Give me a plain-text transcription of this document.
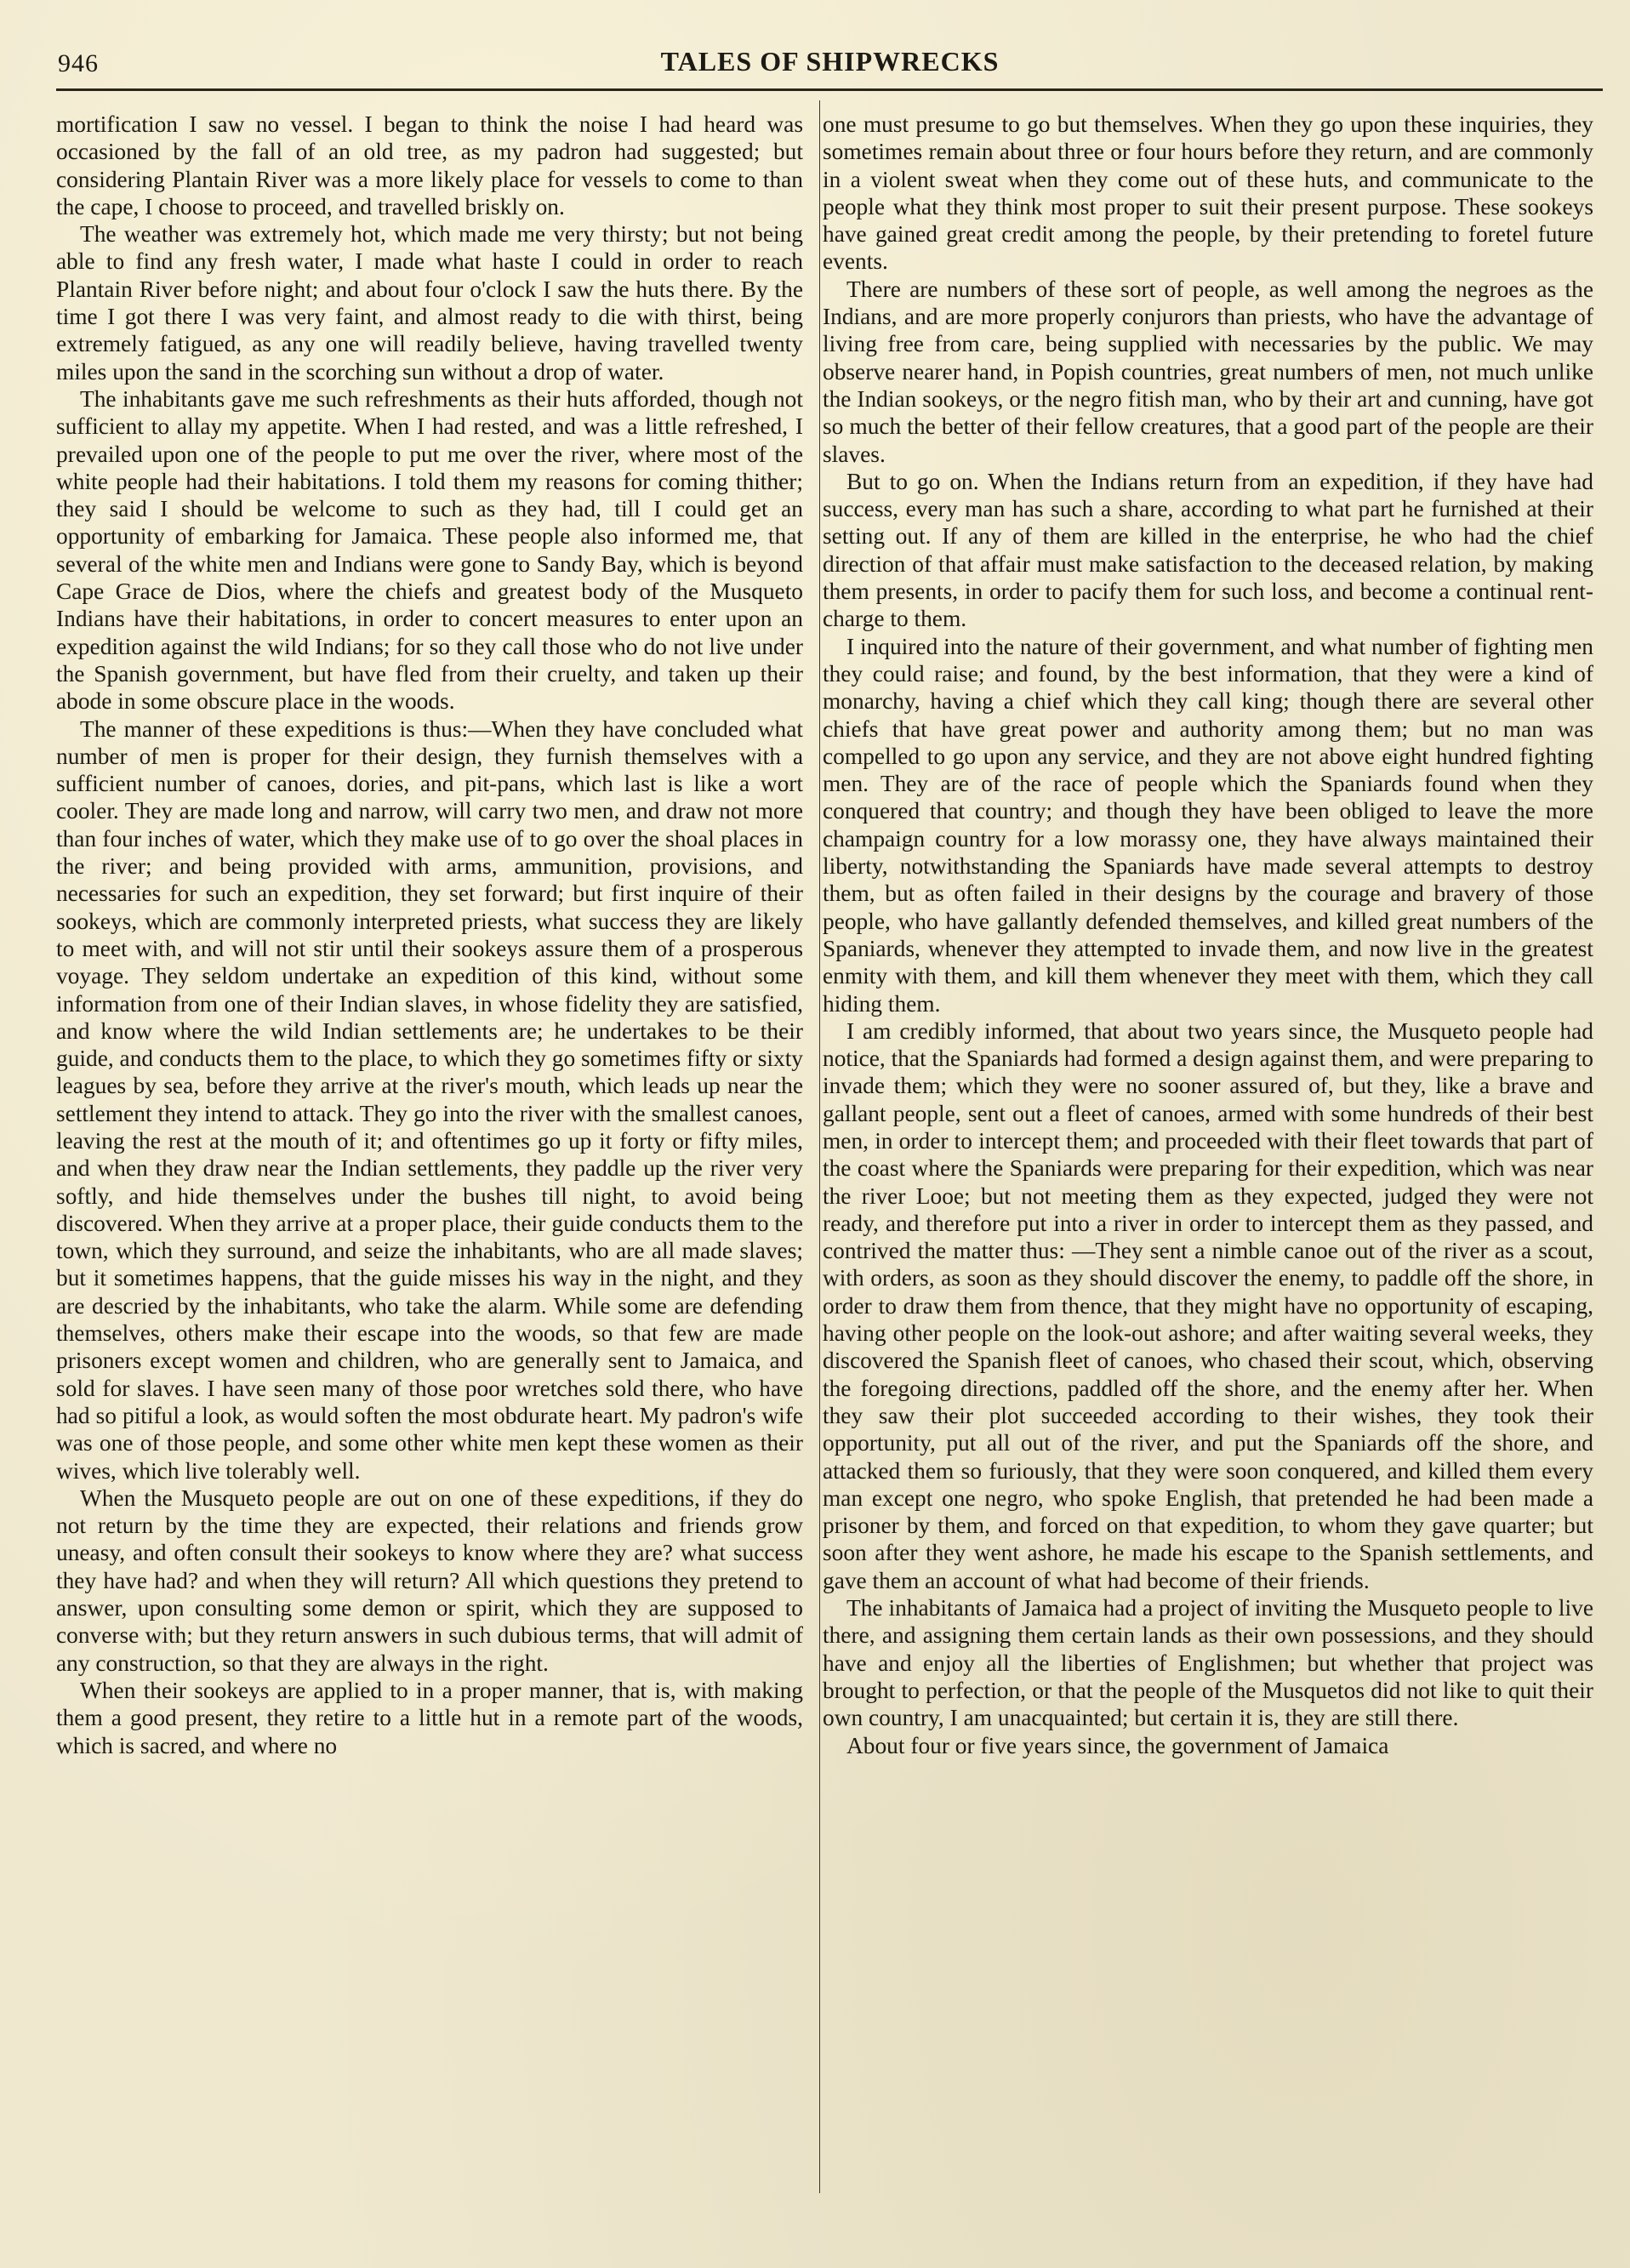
946	TALES OF SHIPWRECKS

mortification I saw no vessel. I began to think the noise I had heard was occasioned by the fall of an old tree, as my padron had suggested; but considering Plantain River was a more likely place for vessels to come to than the cape, I choose to proceed, and travelled briskly on.

The weather was extremely hot, which made me very thirsty; but not being able to find any fresh water, I made what haste I could in order to reach Plantain River before night; and about four o'clock I saw the huts there. By the time I got there I was very faint, and almost ready to die with thirst, being extremely fatigued, as any one will readily believe, having travelled twenty miles upon the sand in the scorching sun without a drop of water.

The inhabitants gave me such refreshments as their huts afforded, though not sufficient to allay my appetite. When I had rested, and was a little refreshed, I prevailed upon one of the people to put me over the river, where most of the white people had their habitations. I told them my reasons for coming thither; they said I should be welcome to such as they had, till I could get an opportunity of embarking for Jamaica. These people also informed me, that several of the white men and Indians were gone to Sandy Bay, which is beyond Cape Grace de Dios, where the chiefs and greatest body of the Musqueto Indians have their habitations, in order to concert measures to enter upon an expedition against the wild Indians; for so they call those who do not live under the Spanish government, but have fled from their cruelty, and taken up their abode in some obscure place in the woods.

The manner of these expeditions is thus:—When they have concluded what number of men is proper for their design, they furnish themselves with a sufficient number of canoes, dories, and pit-pans, which last is like a wort cooler. They are made long and narrow, will carry two men, and draw not more than four inches of water, which they make use of to go over the shoal places in the river; and being provided with arms, ammunition, provisions, and necessaries for such an expedition, they set forward; but first inquire of their sookeys, which are commonly interpreted priests, what success they are likely to meet with, and will not stir until their sookeys assure them of a prosperous voyage. They seldom undertake an expedition of this kind, without some information from one of their Indian slaves, in whose fidelity they are satisfied, and know where the wild Indian settlements are; he undertakes to be their guide, and conducts them to the place, to which they go sometimes fifty or sixty leagues by sea, before they arrive at the river's mouth, which leads up near the settlement they intend to attack. They go into the river with the smallest canoes, leaving the rest at the mouth of it; and oftentimes go up it forty or fifty miles, and when they draw near the Indian settlements, they paddle up the river very softly, and hide themselves under the bushes till night, to avoid being discovered. When they arrive at a proper place, their guide conducts them to the town, which they surround, and seize the inhabitants, who are all made slaves; but it sometimes happens, that the guide misses his way in the night, and they are descried by the inhabitants, who take the alarm. While some are defending themselves, others make their escape into the woods, so that few are made prisoners except women and children, who are generally sent to Jamaica, and sold for slaves. I have seen many of those poor wretches sold there, who have had so pitiful a look, as would soften the most obdurate heart. My padron's wife was one of those people, and some other white men kept these women as their wives, which live tolerably well.

When the Musqueto people are out on one of these expeditions, if they do not return by the time they are expected, their relations and friends grow uneasy, and often consult their sookeys to know where they are? what success they have had? and when they will return? All which questions they pretend to answer, upon consulting some demon or spirit, which they are supposed to converse with; but they return answers in such dubious terms, that will admit of any construction, so that they are always in the right.

When their sookeys are applied to in a proper manner, that is, with making them a good present, they retire to a little hut in a remote part of the woods, which is sacred, and where no

one must presume to go but themselves. When they go upon these inquiries, they sometimes remain about three or four hours before they return, and are commonly in a violent sweat when they come out of these huts, and communicate to the people what they think most proper to suit their present purpose. These sookeys have gained great credit among the people, by their pretending to foretel future events.

There are numbers of these sort of people, as well among the negroes as the Indians, and are more properly conjurors than priests, who have the advantage of living free from care, being supplied with necessaries by the public. We may observe nearer hand, in Popish countries, great numbers of men, not much unlike the Indian sookeys, or the negro fitish man, who by their art and cunning, have got so much the better of their fellow creatures, that a good part of the people are their slaves.

But to go on. When the Indians return from an expedition, if they have had success, every man has such a share, according to what part he furnished at their setting out. If any of them are killed in the enterprise, he who had the chief direction of that affair must make satisfaction to the deceased relation, by making them presents, in order to pacify them for such loss, and become a continual rent-charge to them.

I inquired into the nature of their government, and what number of fighting men they could raise; and found, by the best information, that they were a kind of monarchy, having a chief which they call king; though there are several other chiefs that have great power and authority among them; but no man was compelled to go upon any service, and they are not above eight hundred fighting men. They are of the race of people which the Spaniards found when they conquered that country; and though they have been obliged to leave the more champaign country for a low morassy one, they have always maintained their liberty, notwithstanding the Spaniards have made several attempts to destroy them, but as often failed in their designs by the courage and bravery of those people, who have gallantly defended themselves, and killed great numbers of the Spaniards, whenever they attempted to invade them, and now live in the greatest enmity with them, and kill them whenever they meet with them, which they call hiding them.

I am credibly informed, that about two years since, the Musqueto people had notice, that the Spaniards had formed a design against them, and were preparing to invade them; which they were no sooner assured of, but they, like a brave and gallant people, sent out a fleet of canoes, armed with some hundreds of their best men, in order to intercept them; and proceeded with their fleet towards that part of the coast where the Spaniards were preparing for their expedition, which was near the river Looe; but not meeting them as they expected, judged they were not ready, and therefore put into a river in order to intercept them as they passed, and contrived the matter thus: —They sent a nimble canoe out of the river as a scout, with orders, as soon as they should discover the enemy, to paddle off the shore, in order to draw them from thence, that they might have no opportunity of escaping, having other people on the look-out ashore; and after waiting several weeks, they discovered the Spanish fleet of canoes, who chased their scout, which, observing the foregoing directions, paddled off the shore, and the enemy after her. When they saw their plot succeeded according to their wishes, they took their opportunity, put all out of the river, and put the Spaniards off the shore, and attacked them so furiously, that they were soon conquered, and killed them every man except one negro, who spoke English, that pretended he had been made a prisoner by them, and forced on that expedition, to whom they gave quarter; but soon after they went ashore, he made his escape to the Spanish settlements, and gave them an account of what had become of their friends.

The inhabitants of Jamaica had a project of inviting the Musqueto people to live there, and assigning them certain lands as their own possessions, and they should have and enjoy all the liberties of Englishmen; but whether that project was brought to perfection, or that the people of the Musquetos did not like to quit their own country, I am unacquainted; but certain it is, they are still there.

About four or five years since, the government of Jamaica
